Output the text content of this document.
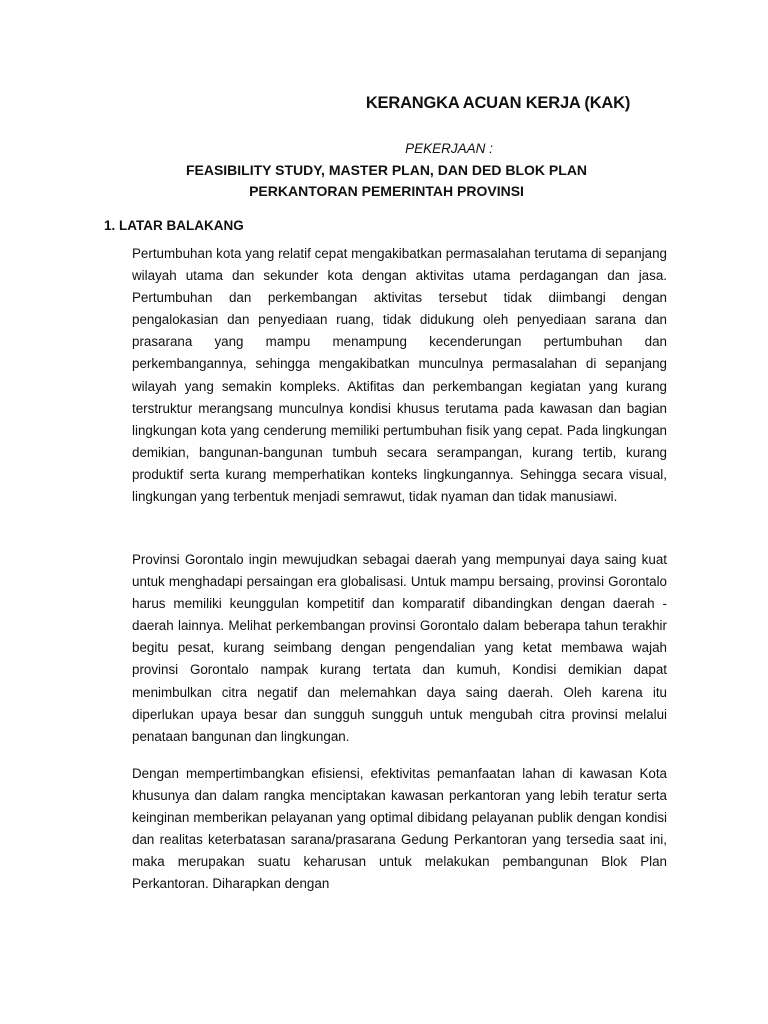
KERANGKA ACUAN KERJA (KAK)
PEKERJAAN :
FEASIBILITY STUDY, MASTER PLAN, DAN DED BLOK PLAN
PERKANTORAN PEMERINTAH PROVINSI
1. LATAR BALAKANG

Pertumbuhan kota yang relatif cepat mengakibatkan permasalahan terutama di sepanjang wilayah utama dan sekunder kota dengan aktivitas utama perdagangan dan jasa. Pertumbuhan dan perkembangan aktivitas tersebut tidak diimbangi dengan pengalokasian dan penyediaan ruang, tidak didukung oleh penyediaan sarana dan prasarana yang mampu menampung kecenderungan pertumbuhan dan perkembangannya, sehingga mengakibatkan munculnya permasalahan di sepanjang wilayah yang semakin kompleks. Aktifitas dan perkembangan kegiatan yang kurang terstruktur merangsang munculnya kondisi khusus terutama pada kawasan dan bagian lingkungan kota yang cenderung memiliki pertumbuhan fisik yang cepat. Pada lingkungan demikian, bangunan-bangunan tumbuh secara serampangan, kurang tertib, kurang produktif serta kurang memperhatikan konteks lingkungannya. Sehingga secara visual, lingkungan yang terbentuk menjadi semrawut, tidak nyaman dan tidak manusiawi.

Provinsi Gorontalo ingin mewujudkan sebagai daerah yang mempunyai daya saing kuat untuk menghadapi persaingan era globalisasi. Untuk mampu bersaing, provinsi Gorontalo harus memiliki keunggulan kompetitif dan komparatif dibandingkan dengan daerah - daerah lainnya. Melihat perkembangan provinsi Gorontalo dalam beberapa tahun terakhir begitu pesat, kurang seimbang dengan pengendalian yang ketat membawa wajah provinsi Gorontalo nampak kurang tertata dan kumuh, Kondisi demikian dapat menimbulkan citra negatif dan melemahkan daya saing daerah. Oleh karena itu diperlukan upaya besar dan sungguh sungguh untuk mengubah citra provinsi melalui penataan bangunan dan lingkungan.

Dengan mempertimbangkan efisiensi, efektivitas pemanfaatan lahan di kawasan Kota khusunya dan dalam rangka menciptakan kawasan perkantoran yang lebih teratur serta keinginan memberikan pelayanan yang optimal dibidang pelayanan publik dengan kondisi dan realitas keterbatasan sarana/prasarana Gedung Perkantoran yang tersedia saat ini, maka merupakan suatu keharusan untuk melakukan pembangunan Blok Plan Perkantoran. Diharapkan dengan
